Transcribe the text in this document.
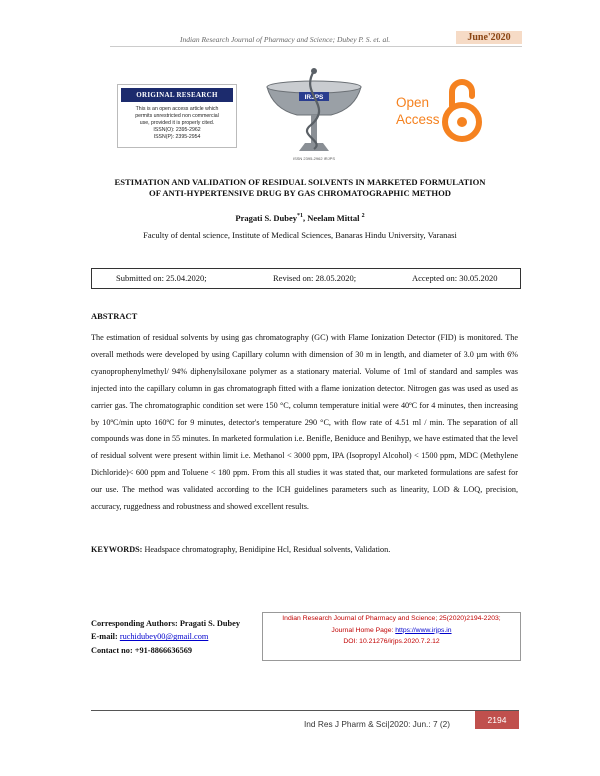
Indian Research Journal of Pharmacy and Science; Dubey P. S. et. al.	June'2020
ORIGINAL RESEARCH
This is an open access article which
permits unrestricted non commercial
use, provided it is properly cited.
ISSN(O): 2395-2962
ISSN(P): 2395-2954
IRJPS
ISSN 2395-2962 IRJPS
Open
Access
ESTIMATION AND VALIDATION OF RESIDUAL SOLVENTS IN MARKETED FORMULATION
OF ANTI-HYPERTENSIVE DRUG BY GAS CHROMATOGRAPHIC METHOD
Pragati S. Dubey$^{*1}$, Neelam Mittal $^2$
Faculty of dental science, Institute of Medical Sciences, Banaras Hindu University, Varanasi
Submitted on: 25.04.2020;	Revised on: 28.05.2020;	Accepted on: 30.05.2020
ABSTRACT
The estimation of residual solvents by using gas chromatography (GC) with Flame Ionization Detector (FID) is monitored. The overall methods were developed by using Capillary column with dimension of 30 m in length, and diameter of 3.0 µm with 6% cyanoprophenylmethyl/ 94% diphenylsiloxane polymer as a stationary material. Volume of 1ml of standard and samples was injected into the capillary column in gas chromatograph fitted with a flame ionization detector. Nitrogen gas was used as used as carrier gas. The chromatographic condition set were 150 °C, column temperature initial were 40ºC for 4 minutes, then increasing by 10ºC/min upto 160ºC for 9 minutes, detector's temperature 290 °C, with flow rate of 4.51 ml / min. The separation of all compounds was done in 55 minutes. In marketed formulation i.e. Benifle, Beniduce and Benihyp, we have estimated that the level of residual solvent were present within limit i.e. Methanol < 3000 ppm, IPA (Isopropyl Alcohol) < 1500 ppm, MDC (Methylene Dichloride)< 600 ppm and Toluene < 180 ppm. From this all studies it was stated that, our marketed formulations are safest for our use. The method was validated according to the ICH guidelines parameters such as linearity, LOD & LOQ, precision, accuracy, ruggedness and robustness and showed excellent results.
KEYWORDS: Headspace chromatography, Benidipine Hcl, Residual solvents, Validation.
Corresponding Authors: Pragati S. Dubey
E-mail: ruchidubey00@gmail.com
Contact no: +91-8866636569
Indian Research Journal of Pharmacy and Science; 25(2020)2194-2203;
Journal Home Page: https://www.irjps.in
DOI: 10.21276/irjps.2020.7.2.12
Ind Res J Pharm & Sci|2020: Jun.: 7 (2)	2194
